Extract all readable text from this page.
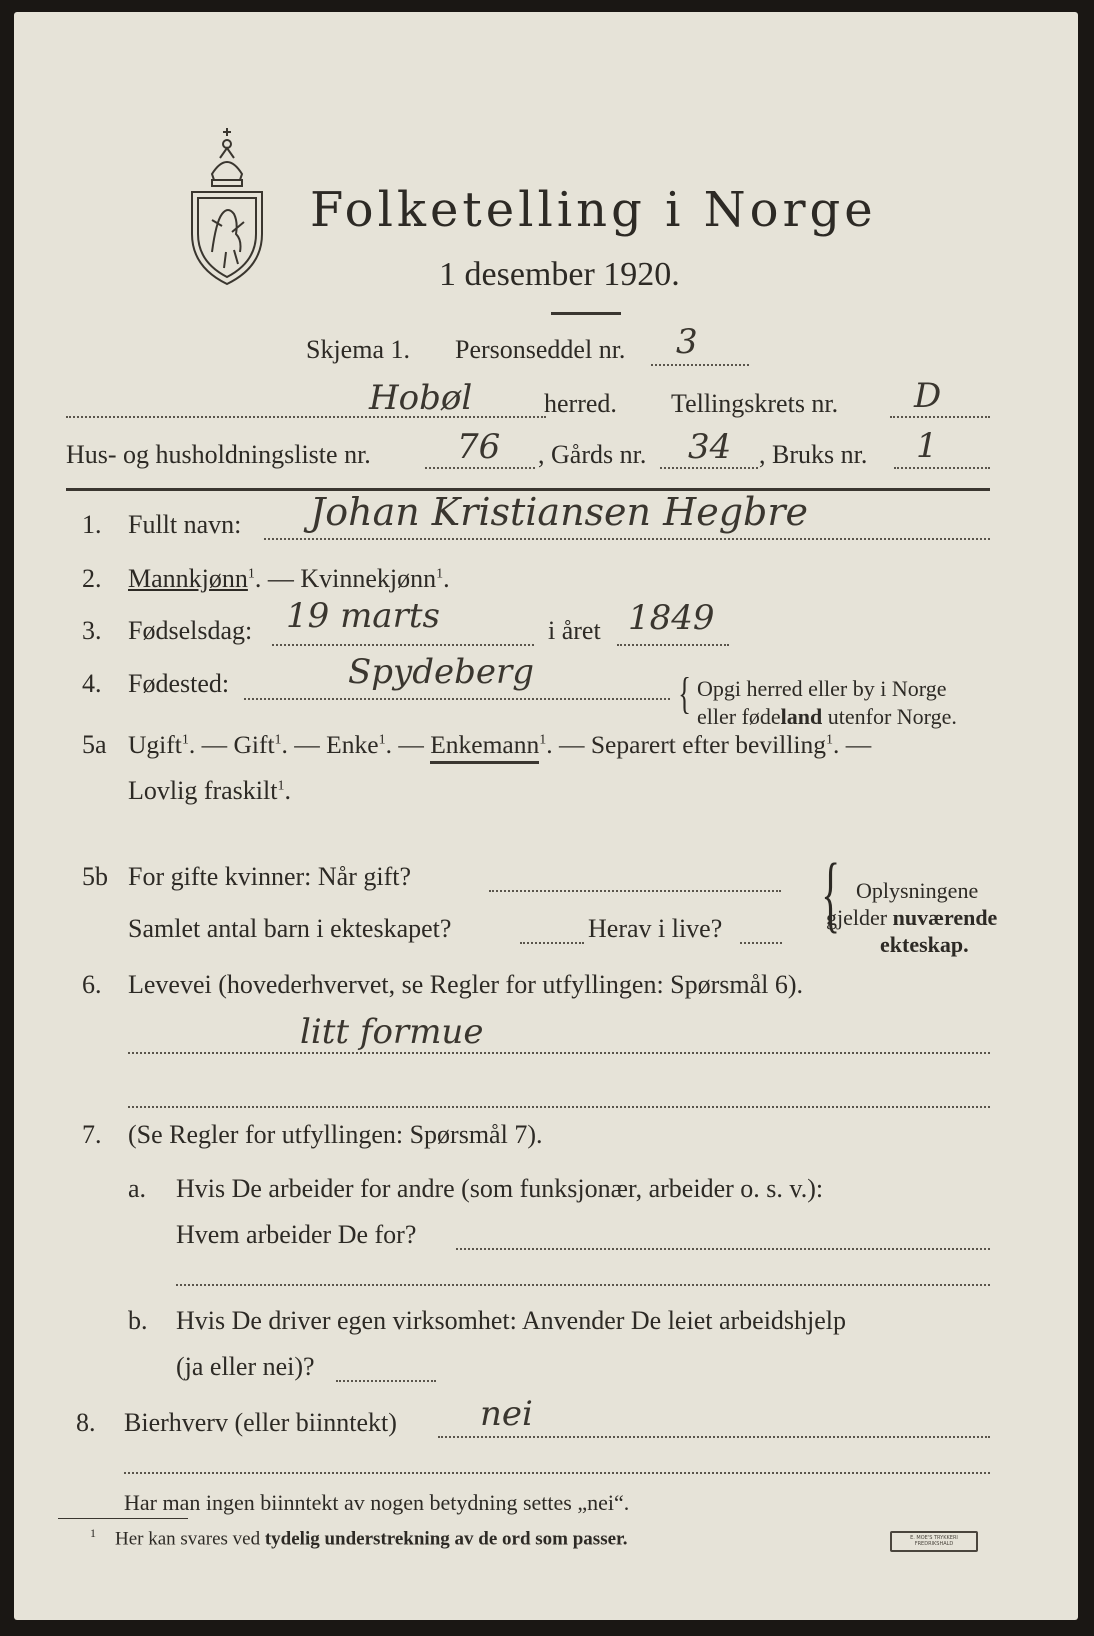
Folketelling i Norge
1 desember 1920.
Skjema 1. Personseddel nr. 3
Hobøl	herred. Tellingskrets nr. D
Hus- og husholdningsliste nr.	76 , Gårds nr. 34 , Bruks nr. 1
1. Fullt navn: Johan Kristiansen Hegbre
2. Mannkjønn$^1$. — Kvinnekjønn$^1$.
3. Fødselsdag: 19 marts	i året 1849
4. Fødested:	Spydeberg	{ Opgi herred eller by i Norge
eller fødeland utenfor Norge.
5a Ugift$^1$. — Gift$^1$. — Enke$^1$. — Enkemann$^1$. — Separert efter bevilling$^1$. —
Lovlig fraskilt$^1$.
5b For gifte kvinner: Når gift?
Samlet antal barn i ekteskapet?	Herav i live? { Oplysningene
gjelder nuværende
ekteskap.
6. Levevei (hovederhvervet, se Regler for utfyllingen: Spørsmål 6).
litt formue
7. (Se Regler for utfyllingen: Spørsmål 7).
a. Hvis De arbeider for andre (som funksjonær, arbeider o. s. v.):
Hvem arbeider De for?
b. Hvis De driver egen virksomhet: Anvender De leiet arbeidshjelp
(ja eller nei)?
8. Bierhverv (eller biinntekt) nei
Har man ingen biinntekt av nogen betydning settes „nei“.
$^1$ Her kan svares ved tydelig understrekning av de ord som passer.	E. MOE'S TRYKKERI FREDRIKSHALD
